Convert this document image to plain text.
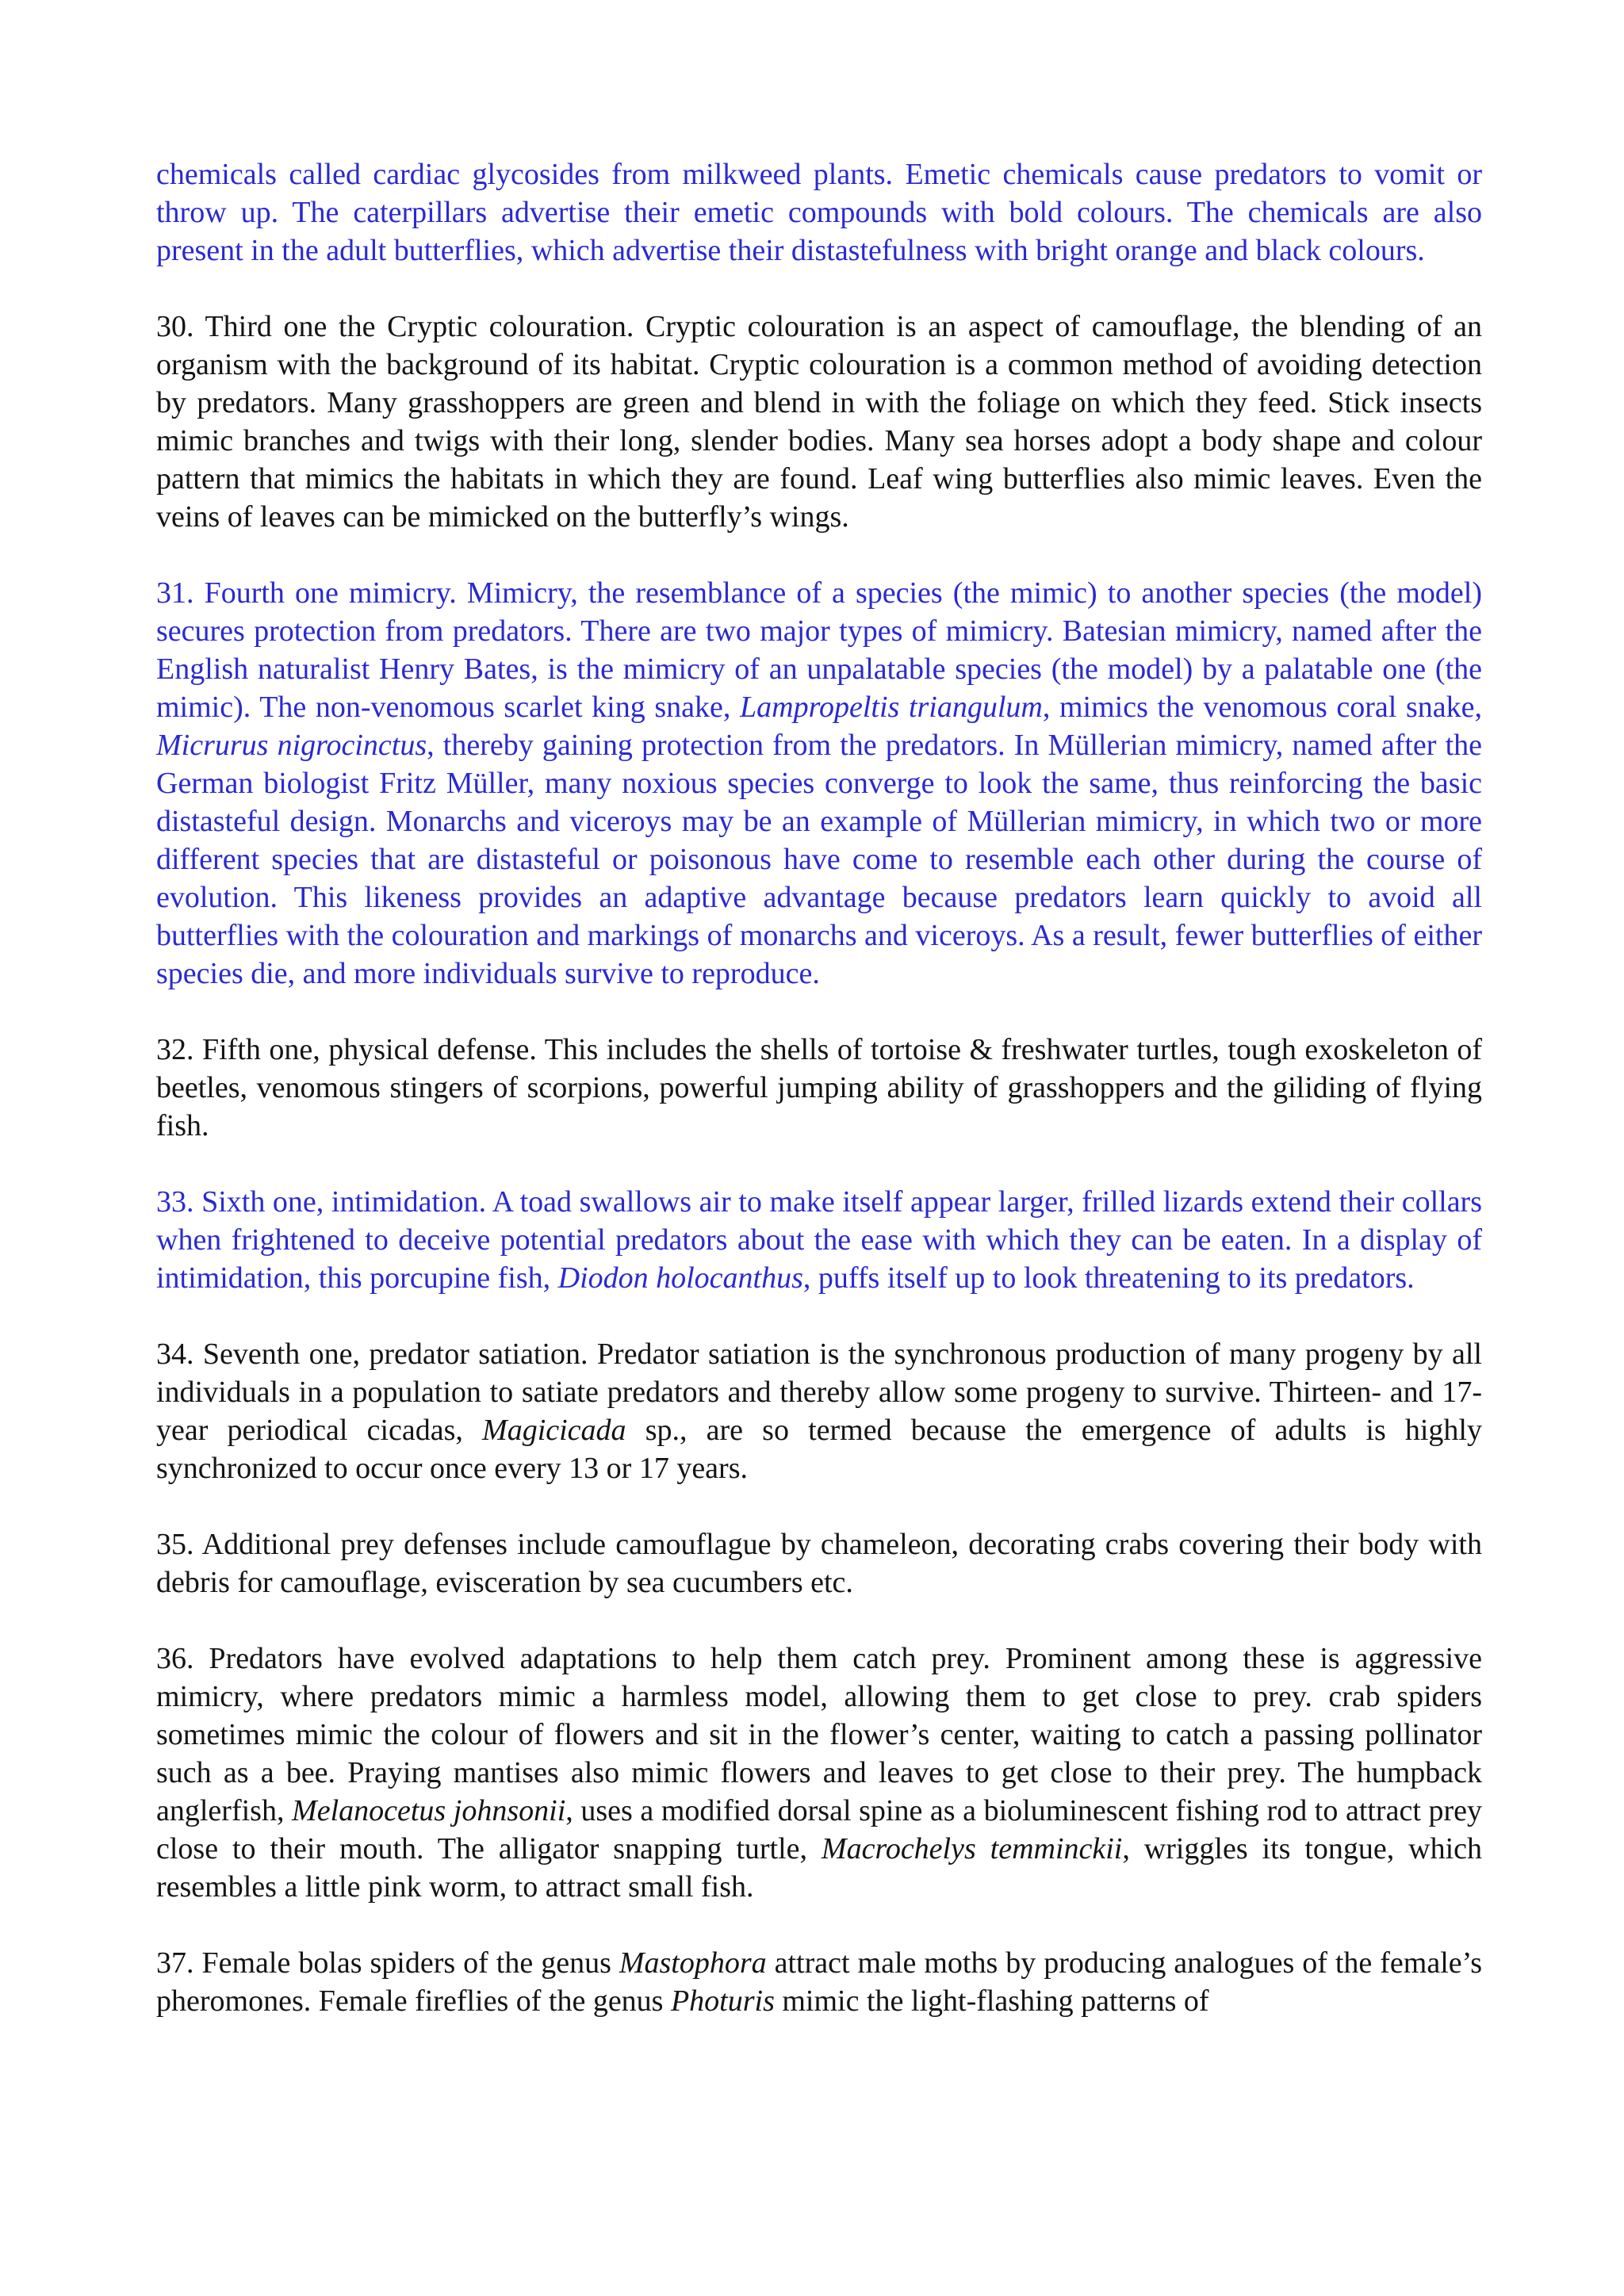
chemicals called cardiac glycosides from milkweed plants. Emetic chemicals cause predators to vomit or throw up. The caterpillars advertise their emetic compounds with bold colours. The chemicals are also present in the adult butterflies, which advertise their distastefulness with bright orange and black colours.

30. Third one the Cryptic colouration. Cryptic colouration is an aspect of camouflage, the blending of an organism with the background of its habitat. Cryptic colouration is a common method of avoiding detection by predators. Many grasshoppers are green and blend in with the foliage on which they feed. Stick insects mimic branches and twigs with their long, slender bodies. Many sea horses adopt a body shape and colour pattern that mimics the habitats in which they are found. Leaf wing butterflies also mimic leaves. Even the veins of leaves can be mimicked on the butterfly’s wings.

31. Fourth one mimicry. Mimicry, the resemblance of a species (the mimic) to another species (the model) secures protection from predators. There are two major types of mimicry. Batesian mimicry, named after the English naturalist Henry Bates, is the mimicry of an unpalatable species (the model) by a palatable one (the mimic). The non-venomous scarlet king snake, Lampropeltis triangulum, mimics the venomous coral snake, Micrurus nigrocinctus, thereby gaining protection from the predators. In Müllerian mimicry, named after the German biologist Fritz Müller, many noxious species converge to look the same, thus reinforcing the basic distasteful design. Monarchs and viceroys may be an example of Müllerian mimicry, in which two or more different species that are distasteful or poisonous have come to resemble each other during the course of evolution. This likeness provides an adaptive advantage because predators learn quickly to avoid all butterflies with the colouration and markings of monarchs and viceroys. As a result, fewer butterflies of either species die, and more individuals survive to reproduce.

32. Fifth one, physical defense. This includes the shells of tortoise & freshwater turtles, tough exoskeleton of beetles, venomous stingers of scorpions, powerful jumping ability of grasshoppers and the giliding of flying fish.

33. Sixth one, intimidation. A toad swallows air to make itself appear larger, frilled lizards extend their collars when frightened to deceive potential predators about the ease with which they can be eaten. In a display of intimidation, this porcupine fish, Diodon holocanthus, puffs itself up to look threatening to its predators.

34. Seventh one, predator satiation. Predator satiation is the synchronous production of many progeny by all individuals in a population to satiate predators and thereby allow some progeny to survive. Thirteen- and 17-year periodical cicadas, Magicicada sp., are so termed because the emergence of adults is highly synchronized to occur once every 13 or 17 years.

35. Additional prey defenses include camouflague by chameleon, decorating crabs covering their body with debris for camouflage, evisceration by sea cucumbers etc.

36. Predators have evolved adaptations to help them catch prey. Prominent among these is aggressive mimicry, where predators mimic a harmless model, allowing them to get close to prey. crab spiders sometimes mimic the colour of flowers and sit in the flower’s center, waiting to catch a passing pollinator such as a bee. Praying mantises also mimic flowers and leaves to get close to their prey. The humpback anglerfish, Melanocetus johnsonii, uses a modified dorsal spine as a bioluminescent fishing rod to attract prey close to their mouth. The alligator snapping turtle, Macrochelys temminckii, wriggles its tongue, which resembles a little pink worm, to attract small fish.

37. Female bolas spiders of the genus Mastophora attract male moths by producing analogues of the female’s pheromones. Female fireflies of the genus Photuris mimic the light-flashing patterns of
